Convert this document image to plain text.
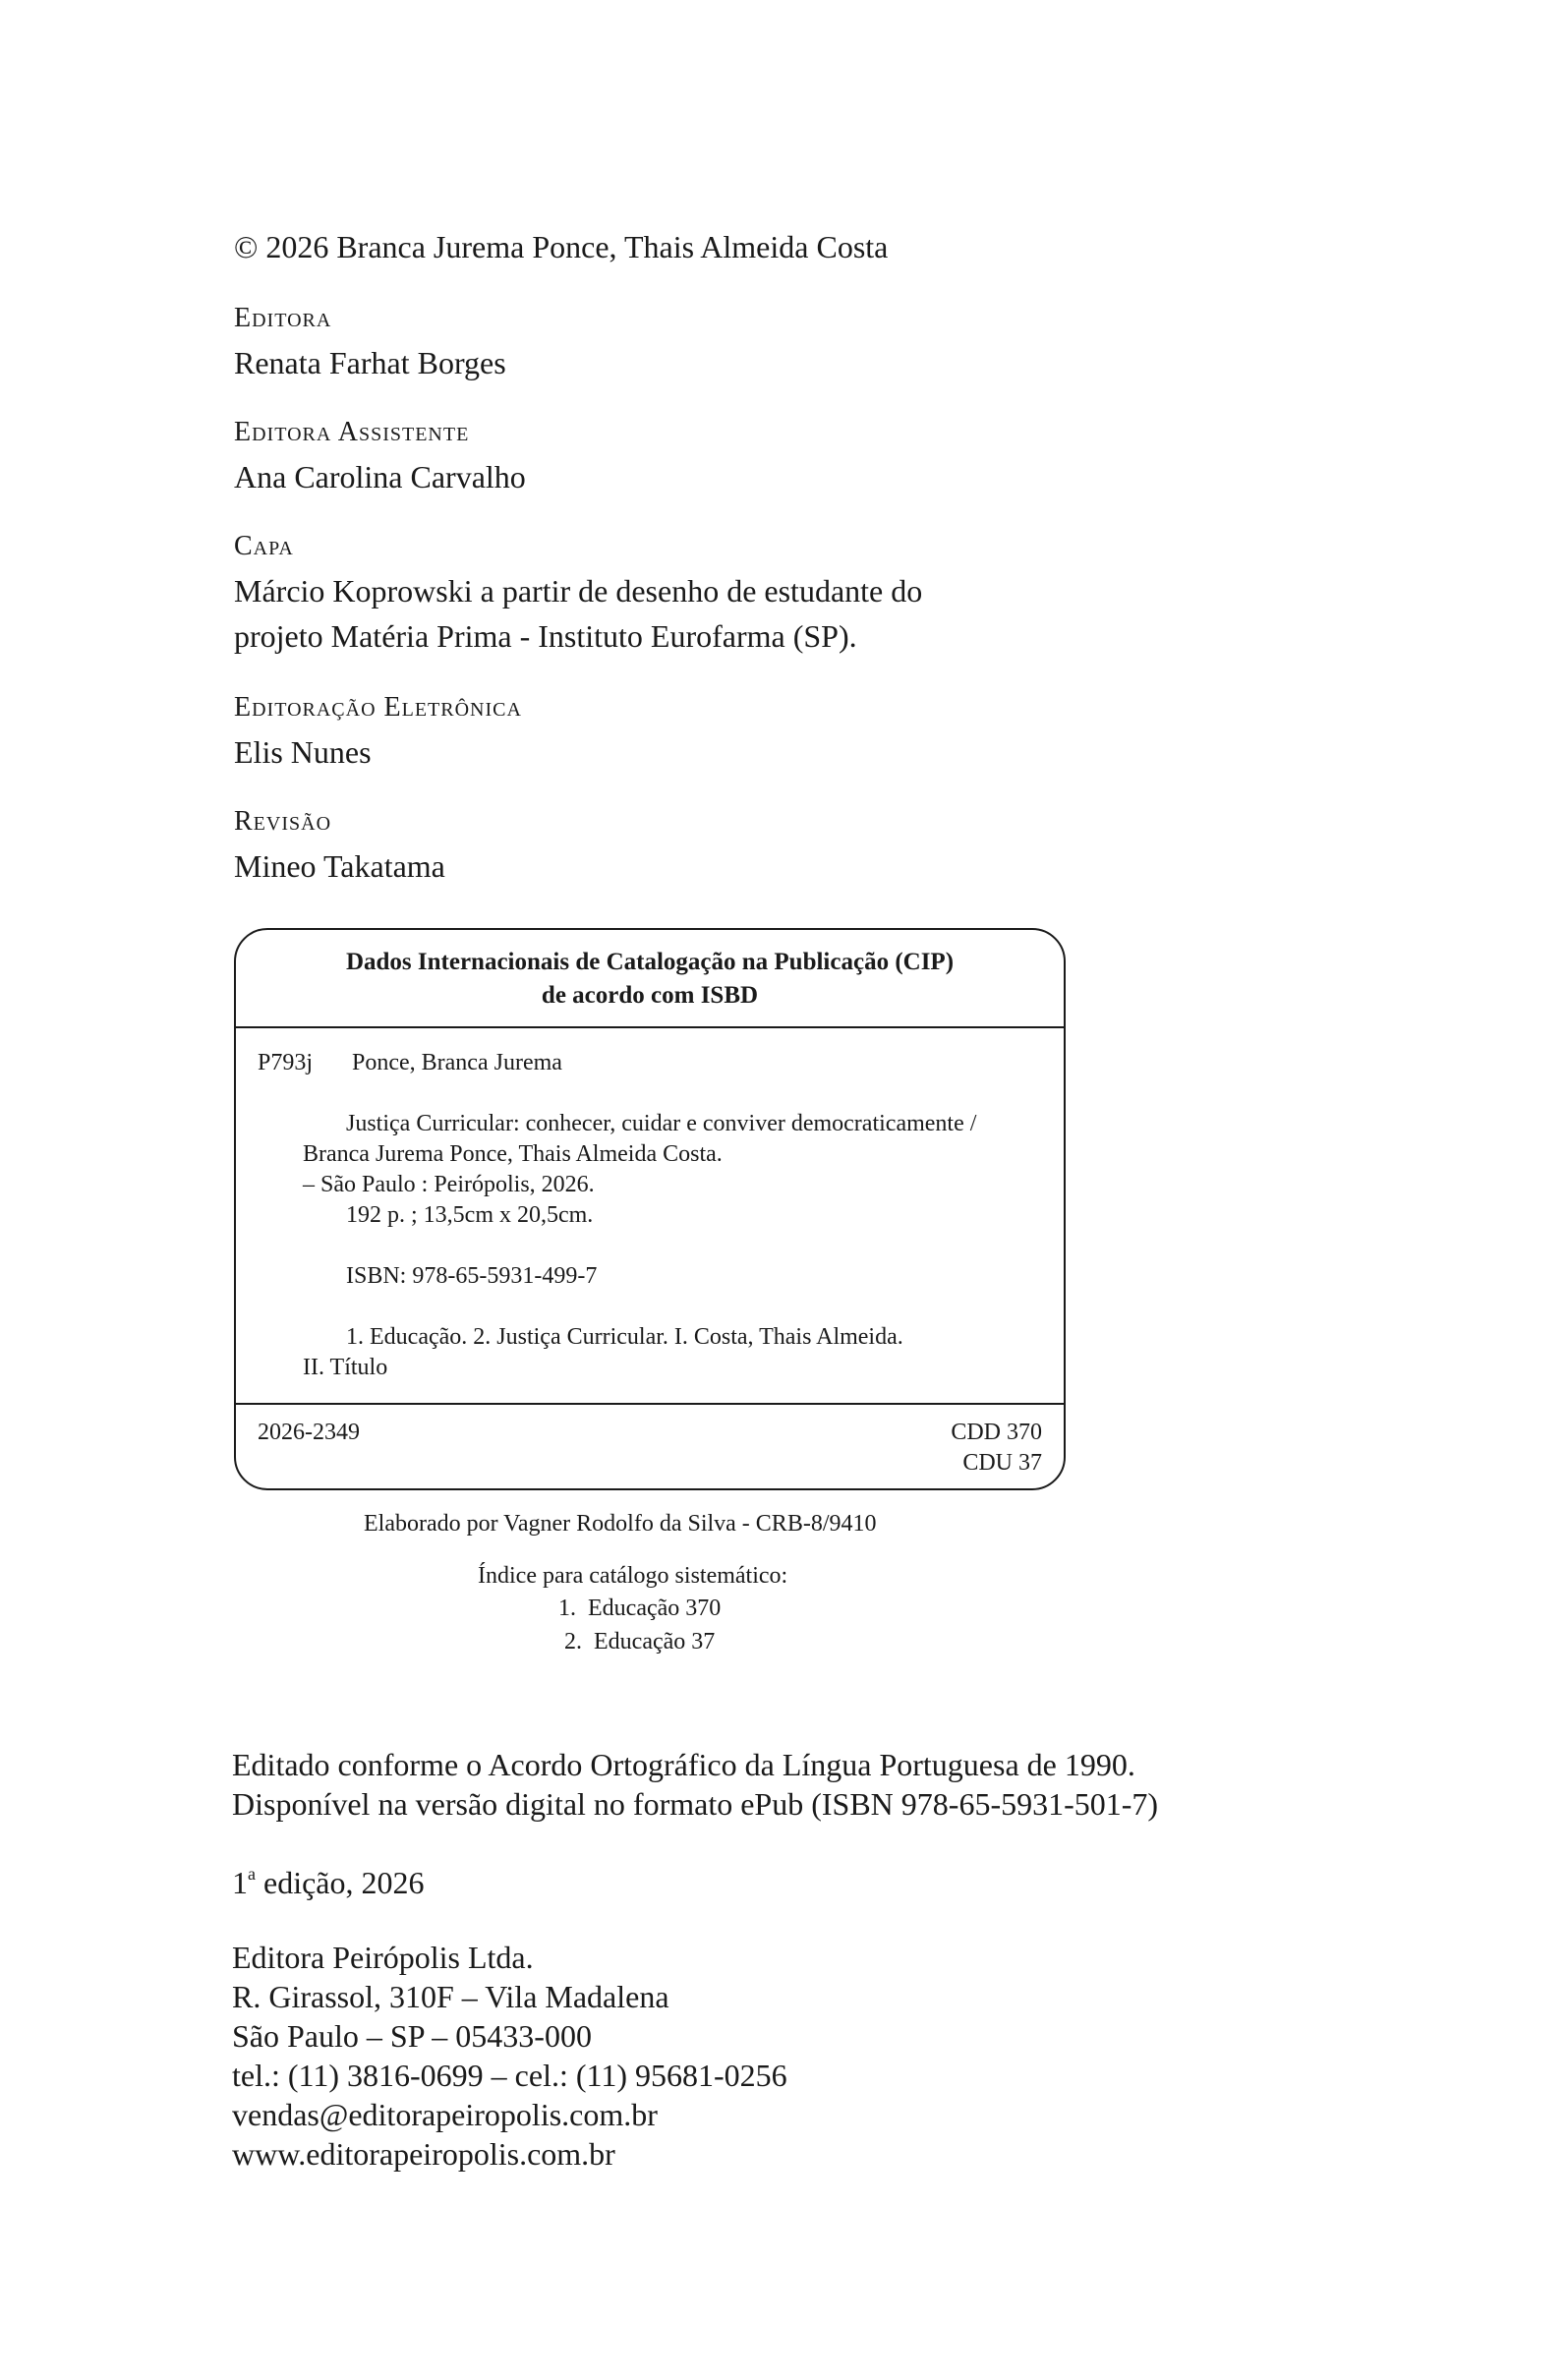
© 2026 Branca Jurema Ponce, Thais Almeida Costa
Editora
Renata Farhat Borges
Editora Assistente
Ana Carolina Carvalho
Capa
Márcio Koprowski a partir de desenho de estudante do
projeto Matéria Prima - Instituto Eurofarma (SP).
Editoração Eletrônica
Elis Nunes
Revisão
Mineo Takatama
Dados Internacionais de Catalogação na Publicação (CIP)
de acordo com ISBD
P793j Ponce, Branca Jurema
Justiça Curricular: conhecer, cuidar e conviver democraticamente /
Branca Jurema Ponce, Thais Almeida Costa.
– São Paulo : Peirópolis, 2026.
192 p. ; 13,5cm x 20,5cm.
ISBN: 978-65-5931-499-7
1. Educação. 2. Justiça Curricular. I. Costa, Thais Almeida.
II. Título
2026-2349	CDD 370
CDU 37
Elaborado por Vagner Rodolfo da Silva - CRB-8/9410
Índice para catálogo sistemático:
1.  Educação 370
2.  Educação 37
Editado conforme o Acordo Ortográfico da Língua Portuguesa de 1990.
Disponível na versão digital no formato ePub (ISBN 978-65-5931-501-7)
1$^a$ edição, 2026
Editora Peirópolis Ltda.
R. Girassol, 310F – Vila Madalena
São Paulo – SP – 05433-000
tel.: (11) 3816-0699 – cel.: (11) 95681-0256
vendas@editorapeiropolis.com.br
www.editorapeiropolis.com.br
